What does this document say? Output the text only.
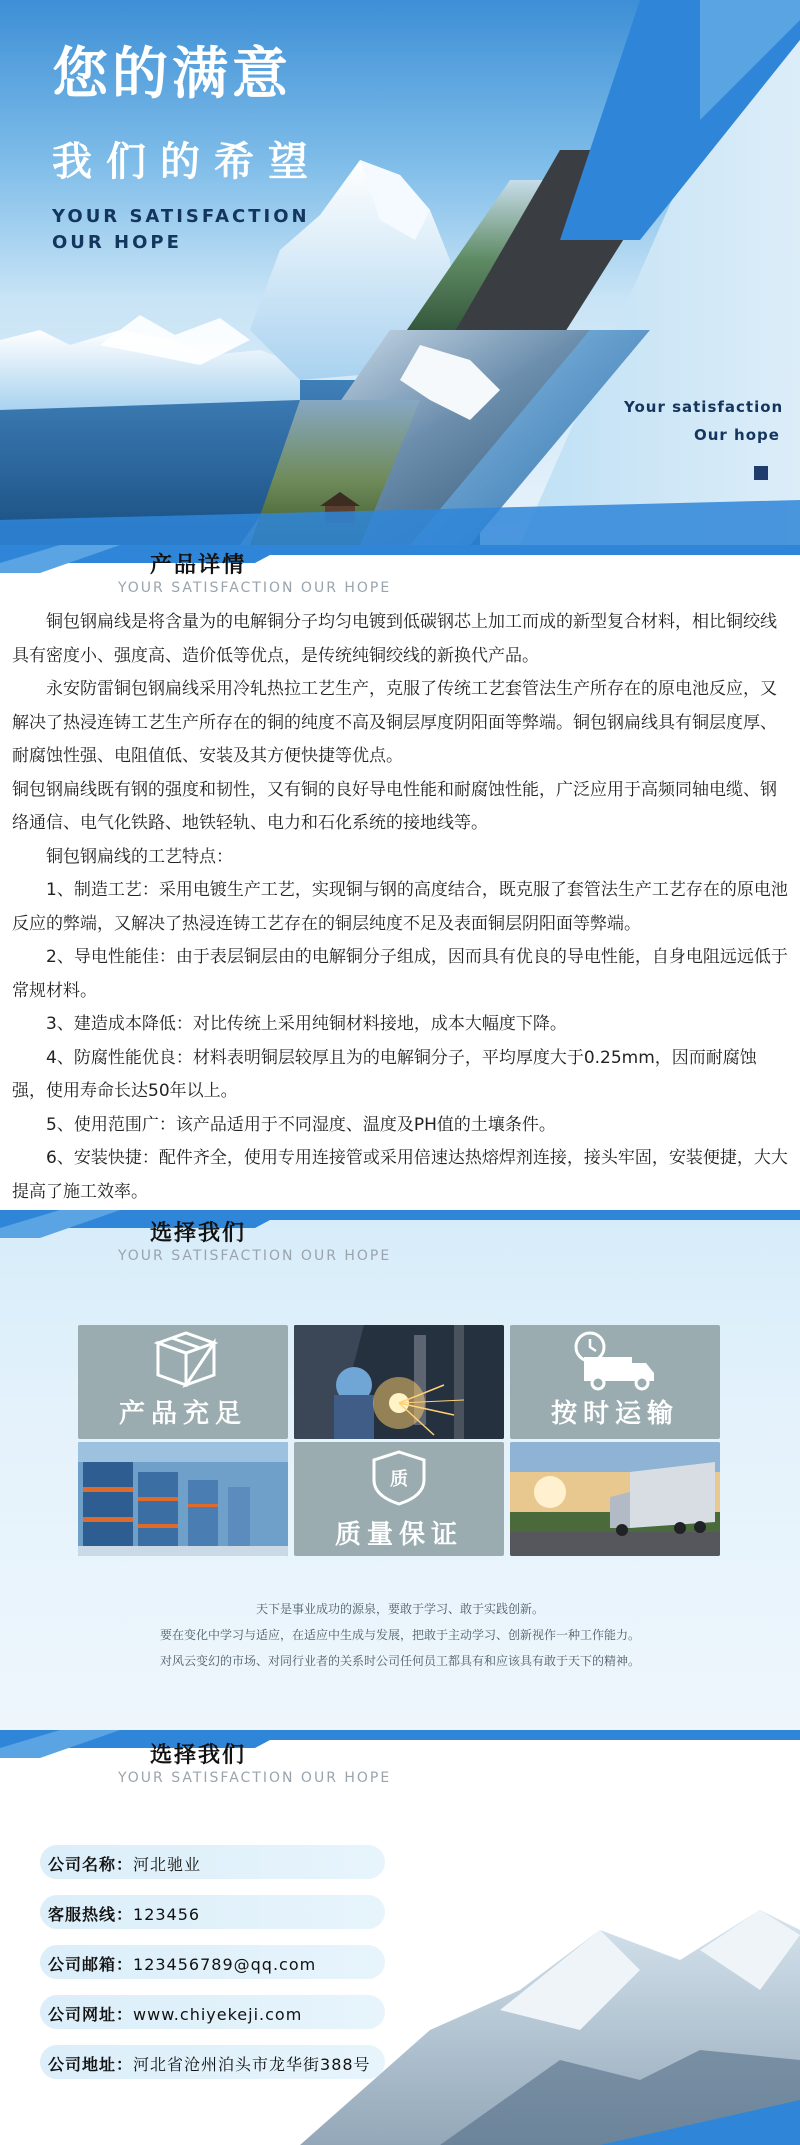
您的满意
我们的希望
YOUR SATISFACTION
OUR HOPE
Your satisfaction
Our hope
产品详情
YOUR SATISFACTION OUR HOPE

铜包钢扁线是将含量为的电解铜分子均匀电镀到低碳钢芯上加工而成的新型复合材料，相比铜绞线具有密度小、强度高、造价低等优点，是传统纯铜绞线的新换代产品。

永安防雷铜包钢扁线采用冷轧热拉工艺生产，克服了传统工艺套管法生产所存在的原电池反应，又解决了热浸连铸工艺生产所存在的铜的纯度不高及铜层厚度阴阳面等弊端。铜包钢扁线具有铜层度厚、耐腐蚀性强、电阻值低、安装及其方便快捷等优点。

铜包钢扁线既有钢的强度和韧性，又有铜的良好导电性能和耐腐蚀性能，广泛应用于高频同轴电缆、钢络通信、电气化铁路、地铁轻轨、电力和石化系统的接地线等。

铜包钢扁线的工艺特点：

1、制造工艺：采用电镀生产工艺，实现铜与钢的高度结合，既克服了套管法生产工艺存在的原电池反应的弊端，又解决了热浸连铸工艺存在的铜层纯度不足及表面铜层阴阳面等弊端。

2、导电性能佳：由于表层铜层由的电解铜分子组成，因而具有优良的导电性能，自身电阻远远低于常规材料。

3、建造成本降低：对比传统上采用纯铜材料接地，成本大幅度下降。

4、防腐性能优良：材料表明铜层较厚且为的电解铜分子，平均厚度大于0.25mm，因而耐腐蚀强，使用寿命长达50年以上。

5、使用范围广：该产品适用于不同湿度、温度及PH值的土壤条件。

6、安装快捷：配件齐全，使用专用连接管或采用倍速达热熔焊剂连接，接头牢固，安装便捷，大大提高了施工效率。

选择我们
YOUR SATISFACTION OUR HOPE
产品充足	按时运输
质
质量保证
天下是事业成功的源泉，要敢于学习、敢于实践创新。
要在变化中学习与适应，在适应中生成与发展，把敢于主动学习、创新视作一种工作能力。
对风云变幻的市场、对同行业者的关系时公司任何员工都具有和应该具有敢于天下的精神。
选择我们
YOUR SATISFACTION OUR HOPE
公司名称：河北驰业
客服热线：123456
公司邮箱：123456789@qq.com
公司网址：www.chiyekeji.com
公司地址：河北省沧州泊头市龙华街388号
